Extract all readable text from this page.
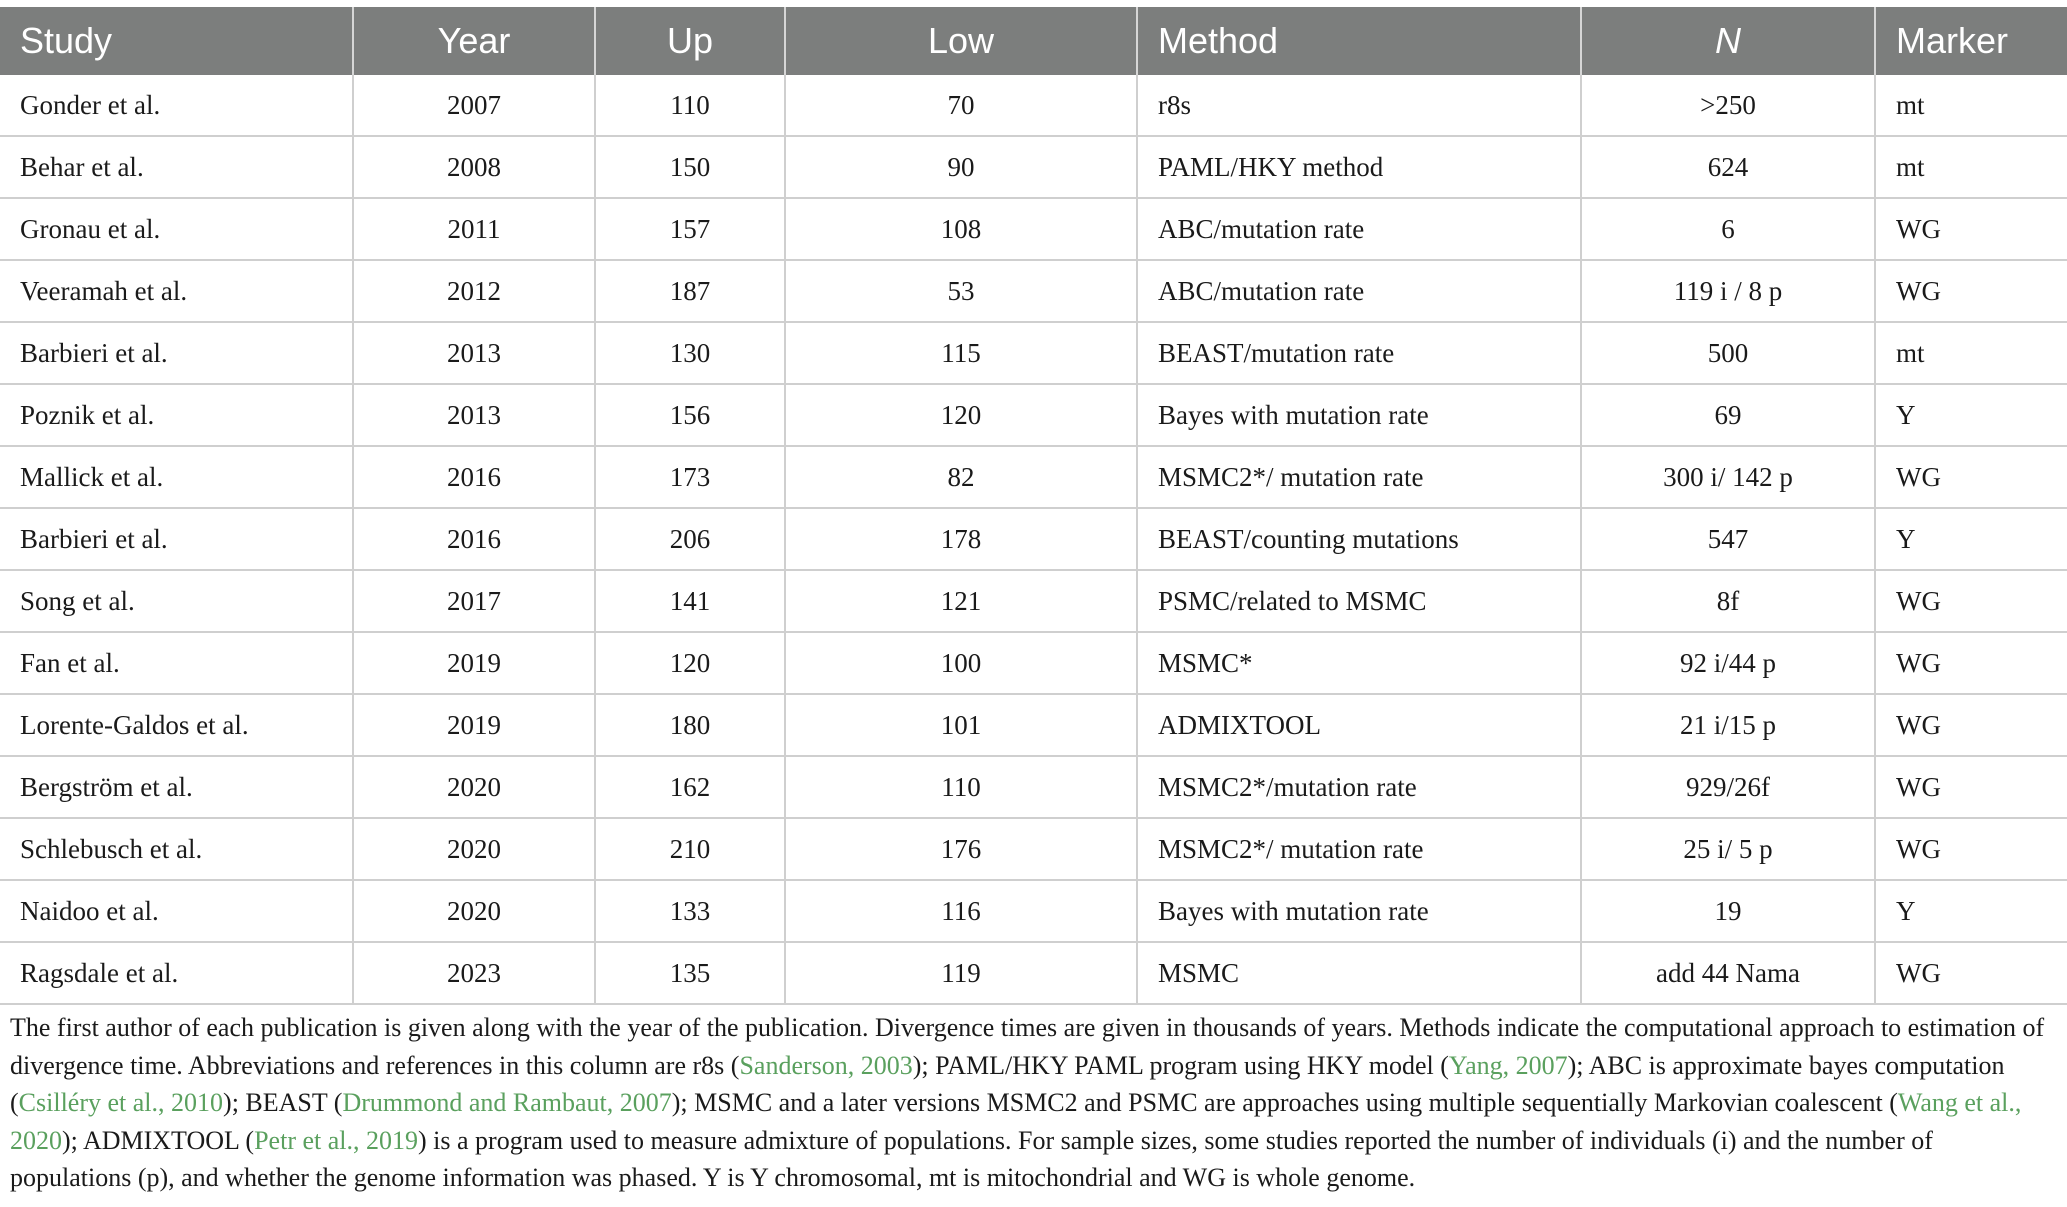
Study	Year	Up	Low	Method	N	Marker
Gonder et al.	2007	110	70	r8s	>250	mt
Behar et al.	2008	150	90	PAML/HKY method	624	mt
Gronau et al.	2011	157	108	ABC/mutation rate	6	WG
Veeramah et al.	2012	187	53	ABC/mutation rate	119 i / 8 p	WG
Barbieri et al.	2013	130	115	BEAST/mutation rate	500	mt
Poznik et al.	2013	156	120	Bayes with mutation rate	69	Y
Mallick et al.	2016	173	82	MSMC2*/ mutation rate	300 i/ 142 p	WG
Barbieri et al.	2016	206	178	BEAST/counting mutations	547	Y
Song et al.	2017	141	121	PSMC/related to MSMC	8f	WG
Fan et al.	2019	120	100	MSMC*	92 i/44 p	WG
Lorente-Galdos et al.	2019	180	101	ADMIXTOOL	21 i/15 p	WG
Bergström et al.	2020	162	110	MSMC2*/mutation rate	929/26f	WG
Schlebusch et al.	2020	210	176	MSMC2*/ mutation rate	25 i/ 5 p	WG
Naidoo et al.	2020	133	116	Bayes with mutation rate	19	Y
Ragsdale et al.	2023	135	119	MSMC	add 44 Nama	WG
The first author of each publication is given along with the year of the publication. Divergence times are given in thousands of years. Methods indicate the computational approach to estimation of divergence time. Abbreviations and references in this column are r8s (Sanderson, 2003); PAML/HKY PAML program using HKY model (Yang, 2007); ABC is approximate bayes computation (Csilléry et al., 2010); BEAST (Drummond and Rambaut, 2007); MSMC and a later versions MSMC2 and PSMC are approaches using multiple sequentially Markovian coalescent (Wang et al., 2020); ADMIXTOOL (Petr et al., 2019) is a program used to measure admixture of populations. For sample sizes, some studies reported the number of individuals (i) and the number of populations (p), and whether the genome information was phased. Y is Y chromosomal, mt is mitochondrial and WG is whole genome.
